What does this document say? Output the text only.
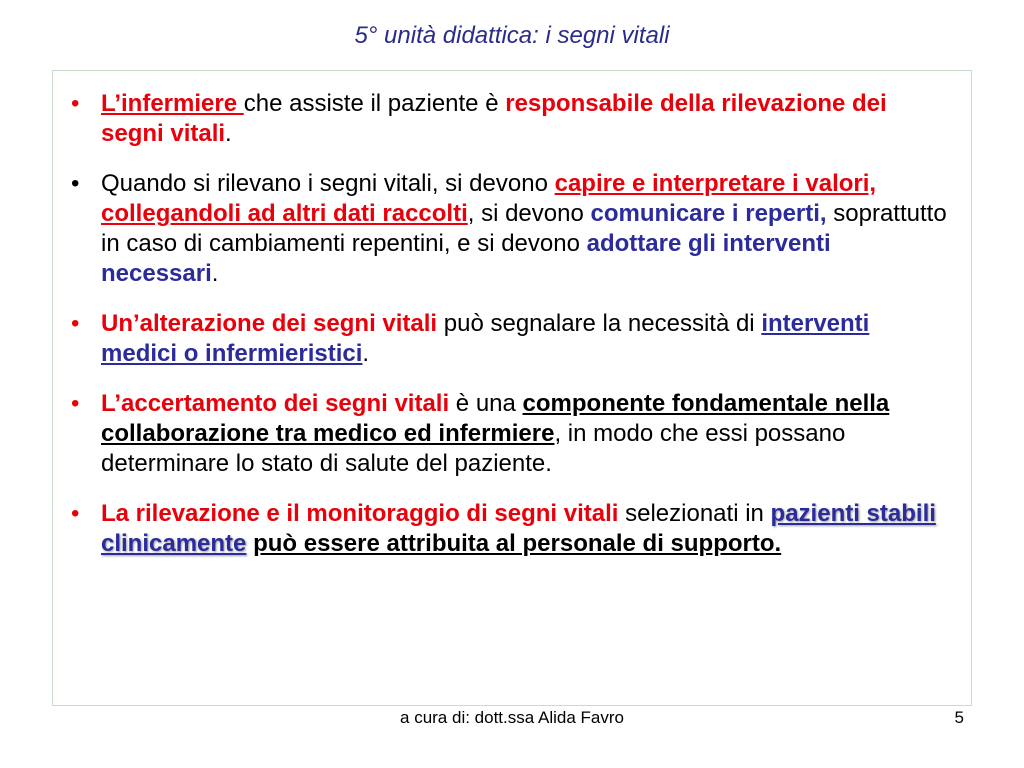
5° unità didattica: i segni vitali
• L’infermiere che assiste il paziente è responsabile della rilevazione dei segni vitali.
• Quando si rilevano i segni vitali, si devono capire e interpretare i valori, collegandoli ad altri dati raccolti, si devono comunicare i reperti, soprattutto in caso di cambiamenti repentini, e si devono adottare gli interventi necessari.
• Un’alterazione dei segni vitali può segnalare la necessità di interventi medici o infermieristici.
• L’accertamento dei segni vitali è una componente fondamentale nella collaborazione tra medico ed infermiere, in modo che essi possano determinare lo stato di salute del paziente.
• La rilevazione e il monitoraggio di segni vitali selezionati in pazienti stabili clinicamente può essere attribuita al personale di supporto.
a cura di: dott.ssa Alida Favro	5
